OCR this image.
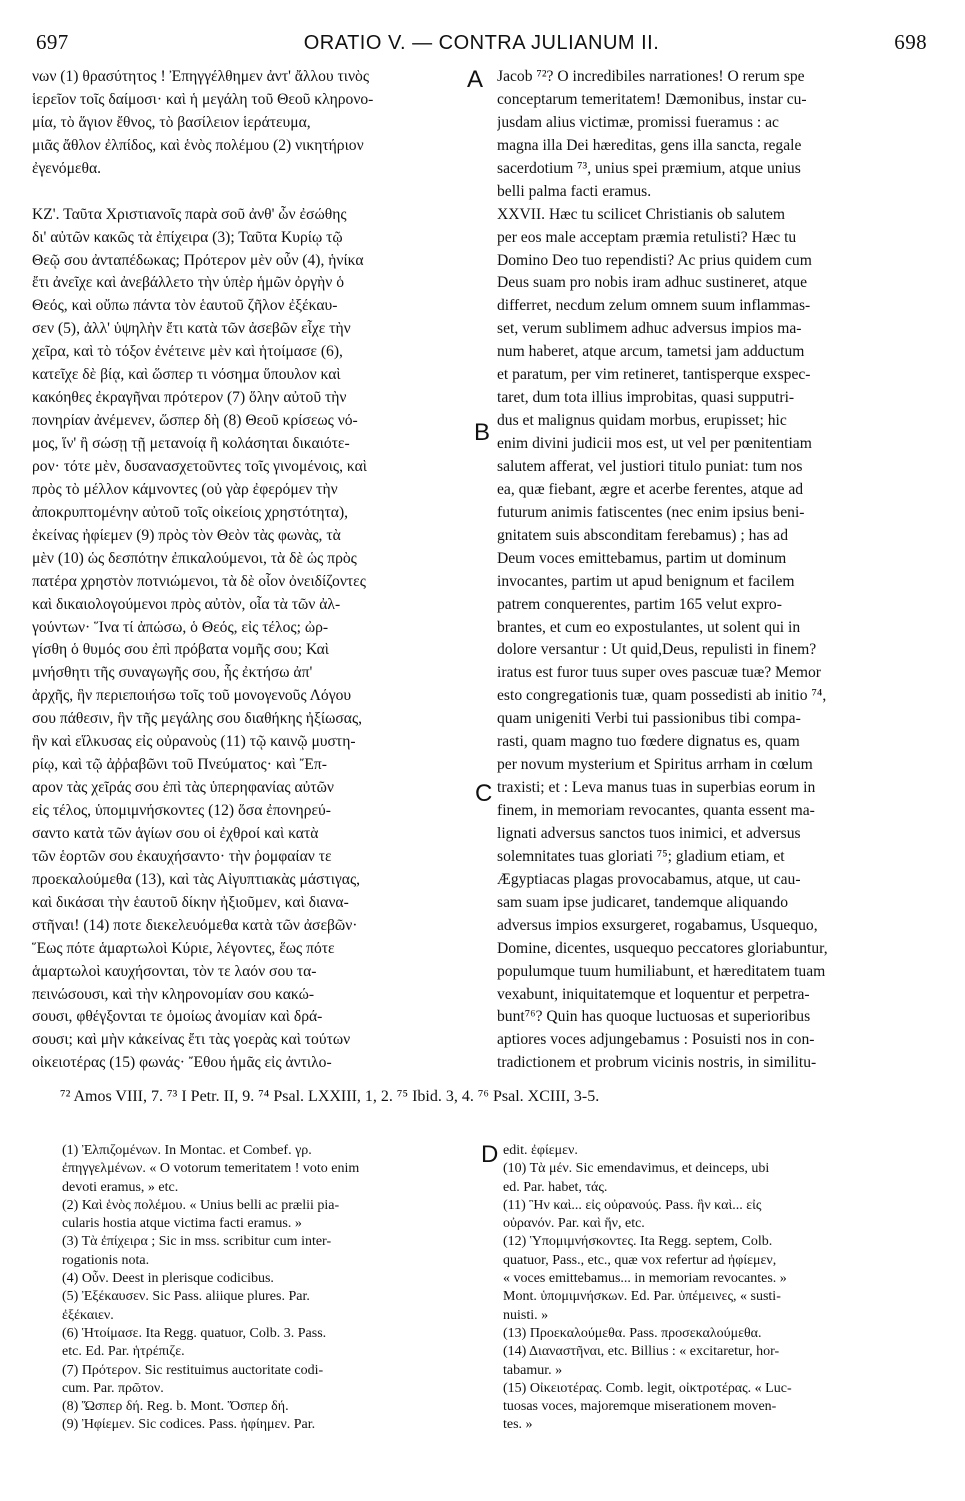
697	ORATIO V. — CONTRA JULIANUM II.	698
νων (1) θρασύτητος ! Ἐπηγγέλθημεν ἀντ' ἄλλου τινὸς
ἱερεῖον τοῖς δαίμοσι· καὶ ἡ μεγάλη τοῦ Θεοῦ κληρονο-
μία, τὸ ἅγιον ἔθνος, τὸ βασίλειον ἱεράτευμα,
μιᾶς ἄθλον ἐλπίδος, καὶ ἑνὸς πολέμου (2) νικητήριον
ἐγενόμεθα.
ΚΖ'. Ταῦτα Χριστιανοῖς παρὰ σοῦ ἀνθ' ὧν ἐσώθης
δι' αὐτῶν κακῶς τὰ ἐπίχειρα (3); Ταῦτα Κυρίῳ τῷ
Θεῷ σου ἀνταπέδωκας; Πρότερον μὲν οὖν (4), ἡνίκα
ἔτι ἀνεῖχε καὶ ἀνεβάλλετο τὴν ὑπὲρ ἡμῶν ὀργὴν ὁ
Θεός, καὶ οὔπω πάντα τὸν ἑαυτοῦ ζῆλον ἐξέκαυ-
σεν (5), ἀλλ' ὑψηλὴν ἔτι κατὰ τῶν ἀσεβῶν εἶχε τὴν
χεῖρα, καὶ τὸ τόξον ἐνέτεινε μὲν καὶ ἡτοίμασε (6),
κατεῖχε δὲ βίᾳ, καὶ ὥσπερ τι νόσημα ὕπουλον καὶ
κακόηθες ἐκραγῆναι πρότερον (7) ὅλην αὐτοῦ τὴν
πονηρίαν ἀνέμενεν, ὥσπερ δὴ (8) Θεοῦ κρίσεως νό-
μος, ἵν' ἢ σώσῃ τῇ μετανοίᾳ ἢ κολάσηται δικαιότε-
ρον· τότε μὲν, δυσανασχετοῦντες τοῖς γινομένοις, καὶ
πρὸς τὸ μέλλον κάμνοντες (οὐ γὰρ ἐφερόμεν τὴν
ἀποκρυπτομένην αὐτοῦ τοῖς οἰκείοις χρηστότητα),
ἐκείνας ἠφίεμεν (9) πρὸς τὸν Θεὸν τὰς φωνὰς, τὰ
μὲν (10) ὡς δεσπότην ἐπικαλούμενοι, τὰ δὲ ὡς πρὸς
πατέρα χρηστὸν ποτνιώμενοι, τὰ δὲ οἷον ὀνειδίζοντες
καὶ δικαιολογούμενοι πρὸς αὐτὸν, οἷα τὰ τῶν ἀλ-
γούντων· Ἵνα τί ἀπώσω, ὁ Θεός, εἰς τέλος; ὠρ-
γίσθη ὁ θυμός σου ἐπὶ πρόβατα νομῆς σου; Καὶ
μνήσθητι τῆς συναγωγῆς σου, ἧς ἐκτήσω ἀπ'
ἀρχῆς, ἣν περιεποιήσω τοῖς τοῦ μονογενοῦς Λόγου
σου πάθεσιν, ἣν τῆς μεγάλης σου διαθήκης ἠξίωσας,
ἣν καὶ εἵλκυσας εἰς οὐρανοὺς (11) τῷ καινῷ μυστη-
ρίῳ, καὶ τῷ ἀῤῥαβῶνι τοῦ Πνεύματος· καὶ Ἔπ-
αρον τὰς χεῖράς σου ἐπὶ τὰς ὑπερηφανίας αὐτῶν
εἰς τέλος, ὑπομιμνήσκοντες (12) ὅσα ἐπονηρεύ-
σαντο κατὰ τῶν ἁγίων σου οἱ ἐχθροί καὶ κατὰ
τῶν ἑορτῶν σου ἐκαυχήσαντο· τὴν ῥομφαίαν τε
προεκαλούμεθα (13), καὶ τὰς Αἰγυπτιακὰς μάστιγας,
καὶ δικάσαι τὴν ἑαυτοῦ δίκην ἠξιοῦμεν, καὶ διανα-
στῆναι! (14) ποτε διεκελευόμεθα κατὰ τῶν ἀσεβῶν·
Ἕως πότε ἁμαρτωλοὶ Κύριε, λέγοντες, ἕως πότε
ἁμαρτωλοὶ καυχήσονται, τὸν τε λαόν σου τα-
πεινώσουσι, καὶ τὴν κληρονομίαν σου κακώ-
σουσι, φθέγξονται τε ὁμοίως ἀνομίαν καὶ δρά-
σουσι; καὶ μὴν κἀκείνας ἔτι τὰς γοερὰς καὶ τούτων
οἰκειοτέρας (15) φωνάς· Ἔθου ἡμᾶς εἰς ἀντιλο-
Jacob ⁷²? O incredibiles narrationes! O rerum spe
conceptarum temeritatem! Dæmonibus, instar cu-
jusdam alius victimæ, promissi fueramus : ac
magna illa Dei hæreditas, gens illa sancta, regale
sacerdotium ⁷³, unius spei præmium, atque unius
belli palma facti eramus.
XXVII. Hæc tu scilicet Christianis ob salutem
per eos male acceptam præmia retulisti? Hæc tu
Domino Deo tuo rependisti? Ac prius quidem cum
Deus suam pro nobis iram adhuc sustineret, atque
differret, necdum zelum omnem suum inflammas-
set, verum sublimem adhuc adversus impios ma-
num haberet, atque arcum, tametsi jam adductum
et paratum, per vim retineret, tantisperque exspec-
taret, dum tota illius improbitas, quasi supputri-
dus et malignus quidam morbus, erupisset; hic
enim divini judicii mos est, ut vel per pœnitentiam
salutem afferat, vel justiori titulo puniat: tum nos
ea, quæ fiebant, ægre et acerbe ferentes, atque ad
futurum animis fatiscentes (nec enim ipsius beni-
gnitatem suis absconditam ferebamus) ; has ad
Deum voces emittebamus, partim ut dominum
invocantes, partim ut apud benignum et facilem
patrem conquerentes, partim 165 velut expro-
brantes, et cum eo expostulantes, ut solent qui in
dolore versantur : Ut quid,Deus, repulisti in finem?
iratus est furor tuus super oves pascuæ tuæ? Memor
esto congregationis tuæ, quam possedisti ab initio ⁷⁴,
quam unigeniti Verbi tui passionibus tibi compa-
rasti, quam magno tuo fœdere dignatus es, quam
per novum mysterium et Spiritus arrham in cœlum
traxisti; et : Leva manus tuas in superbias eorum in
finem, in memoriam revocantes, quanta essent ma-
lignati adversus sanctos tuos inimici, et adversus
solemnitates tuas gloriati ⁷⁵; gladium etiam, et
Ægyptiacas plagas provocabamus, atque, ut cau-
sam suam ipse judicaret, tandemque aliquando
adversus impios exsurgeret, rogabamus, Usquequo,
Domine, dicentes, usquequo peccatores gloriabuntur,
populumque tuum humiliabunt, et hæreditatem tuam
vexabunt, iniquitatemque et loquentur et perpetra-
bunt⁷⁶? Quin has quoque luctuosas et superioribus
aptiores voces adjungebamus : Posuisti nos in con-
tradictionem et probrum vicinis nostris, in similitu-
A
B
C
D
⁷² Amos VIII, 7. ⁷³ I Petr. II, 9. ⁷⁴ Psal. LXXIII, 1, 2. ⁷⁵ Ibid. 3, 4. ⁷⁶ Psal. XCIII, 3-5.
(1) Ἐλπιζομένων. In Montac. et Combef. γρ.
ἐπηγγελμένων. « O votorum temeritatem ! voto enim
devoti eramus, » etc.
(2) Καὶ ἑνὸς πολέμου. « Unius belli ac prælii pia-
cularis hostia atque victima facti eramus. »
(3) Τὰ ἐπίχειρα ; Sic in mss. scribitur cum inter-
rogationis nota.
(4) Οὖν. Deest in plerisque codicibus.
(5) Ἐξέκαυσεν. Sic Pass. aliique plures. Par.
ἐξέκαιεν.
(6) Ἡτοίμασε. Ita Regg. quatuor, Colb. 3. Pass.
etc. Ed. Par. ἡτρέπιζε.
(7) Πρότερον. Sic restituimus auctoritate codi-
cum. Par. πρῶτον.
(8) Ὥσπερ δή. Reg. b. Mont. Ὅσπερ δή.
(9) Ἠφίεμεν. Sic codices. Pass. ἠφίημεν. Par.
edit. ἐφίεμεν.
(10) Τὰ μέν. Sic emendavimus, et deinceps, ubi
ed. Par. habet, τάς.
(11) Ἣν καὶ... εἰς οὐρανούς. Pass. ἣν καὶ... εἰς
οὐρανόν. Par. καὶ ἥν, etc.
(12) Ὑπομιμνήσκοντες. Ita Regg. septem, Colb.
quatuor, Pass., etc., quæ vox refertur ad ἠφίεμεν,
« voces emittebamus... in memoriam revocantes. »
Mont. ὑπομιμνήσκων. Ed. Par. ὑπέμεινες, « susti-
nuisti. »
(13) Προεκαλούμεθα. Pass. προσεκαλούμεθα.
(14) Διαναστῆναι, etc. Billius : « excitaretur, hor-
tabamur. »
(15) Οἰκειοτέρας. Comb. legit, οἰκτροτέρας. « Luc-
tuosas voces, majoremque miserationem moven-
tes. »
